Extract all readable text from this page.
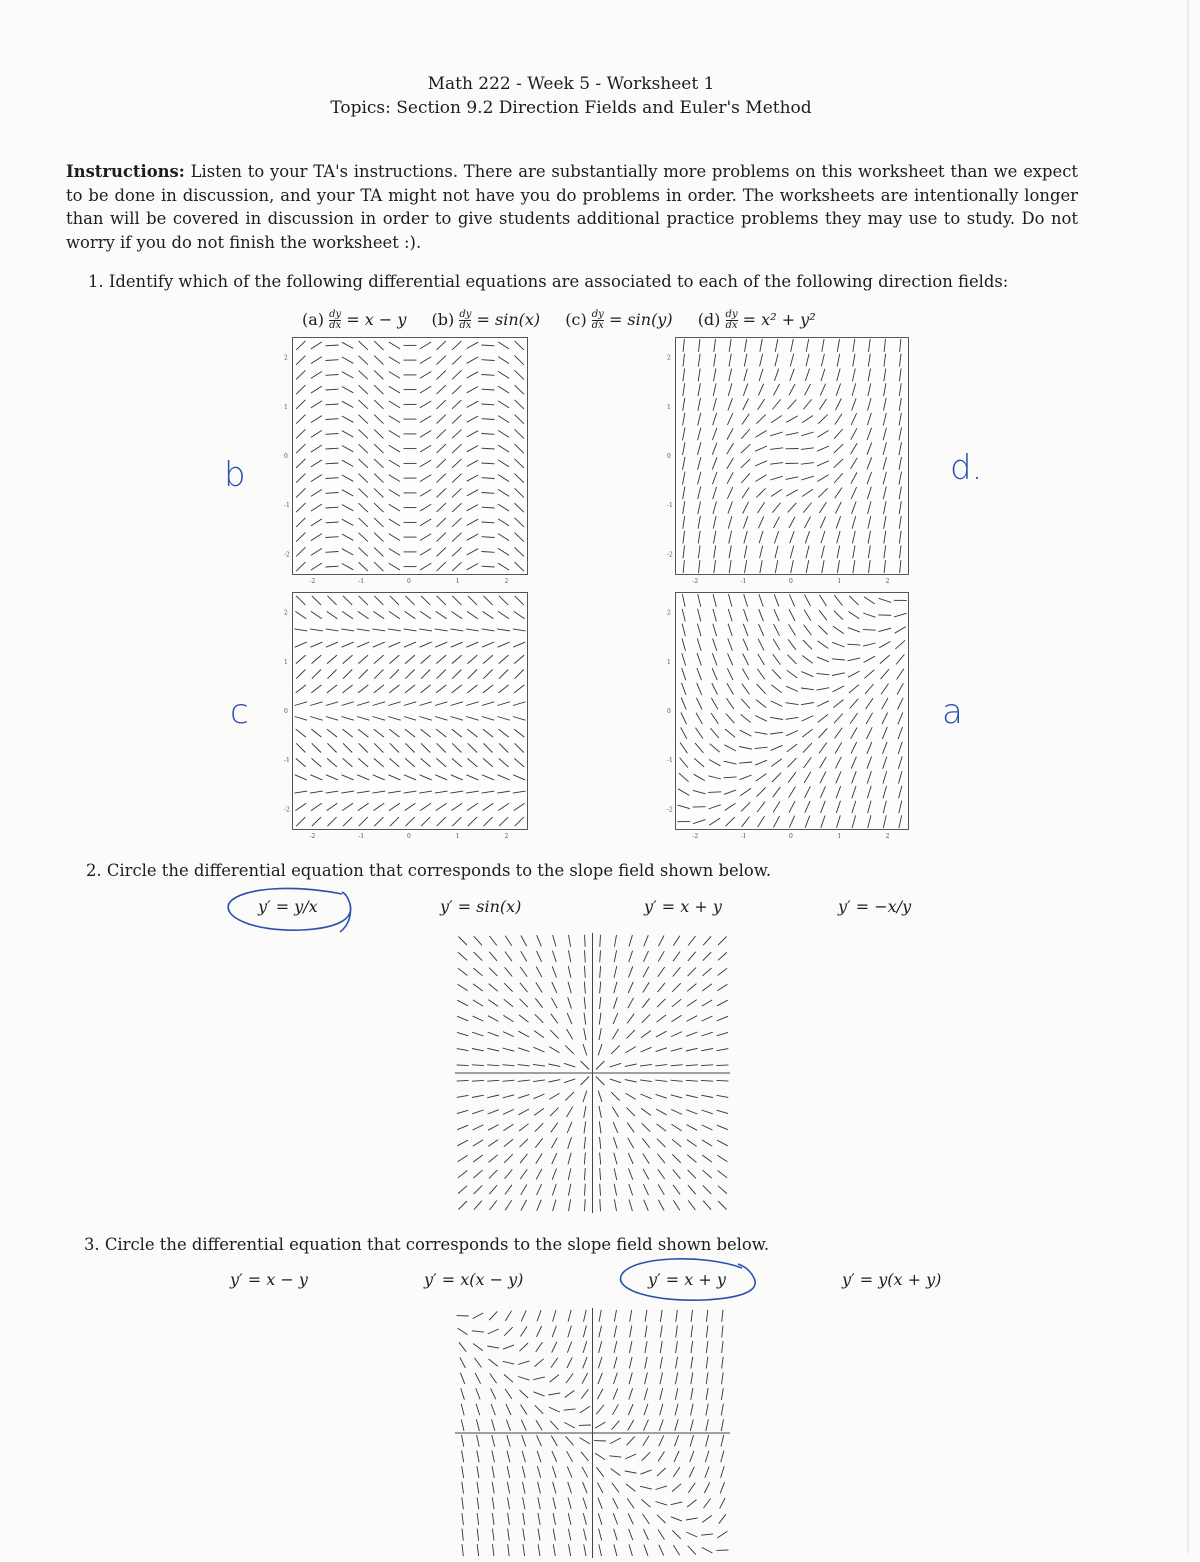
Math 222 - Week 5 - Worksheet 1
Topics: Section 9.2 Direction Fields and Euler's Method
Instructions: Listen to your TA's instructions. There are substantially more problems on this worksheet than we expect to be done in discussion, and your TA might not have you do problems in order. The worksheets are intentionally longer than will be covered in discussion in order to give students additional practice problems they may use to study. Do not worry if you do not finish the worksheet :).
1. Identify which of the following differential equations are associated to each of the following direction fields:
$(a) \frac{dy}{dx} = x - y$ $(b) \frac{dy}{dx} = \sin(x)$ $(c) \frac{dy}{dx} = \sin(y)$ $(d) \frac{dy}{dx} = x^2 + y^2$
-2
-2
-1
-1
0
0
1
1
2
2
-2
-2
-1
-1
0
0
1
1
2
2
-2
-2
-1
-1
0
0
1
1
2
2
-2
-2
-1
-1
0
0
1
1
2
2
b	d.
c	a
2. Circle the differential equation that corresponds to the slope field shown below.
y′ = y/x	y′ = sin(x)	y′ = x + y	y′ = −x/y
3. Circle the differential equation that corresponds to the slope field shown below.
y′ = x − y	y′ = x(x − y)	y′ = x + y	y′ = y(x + y)
